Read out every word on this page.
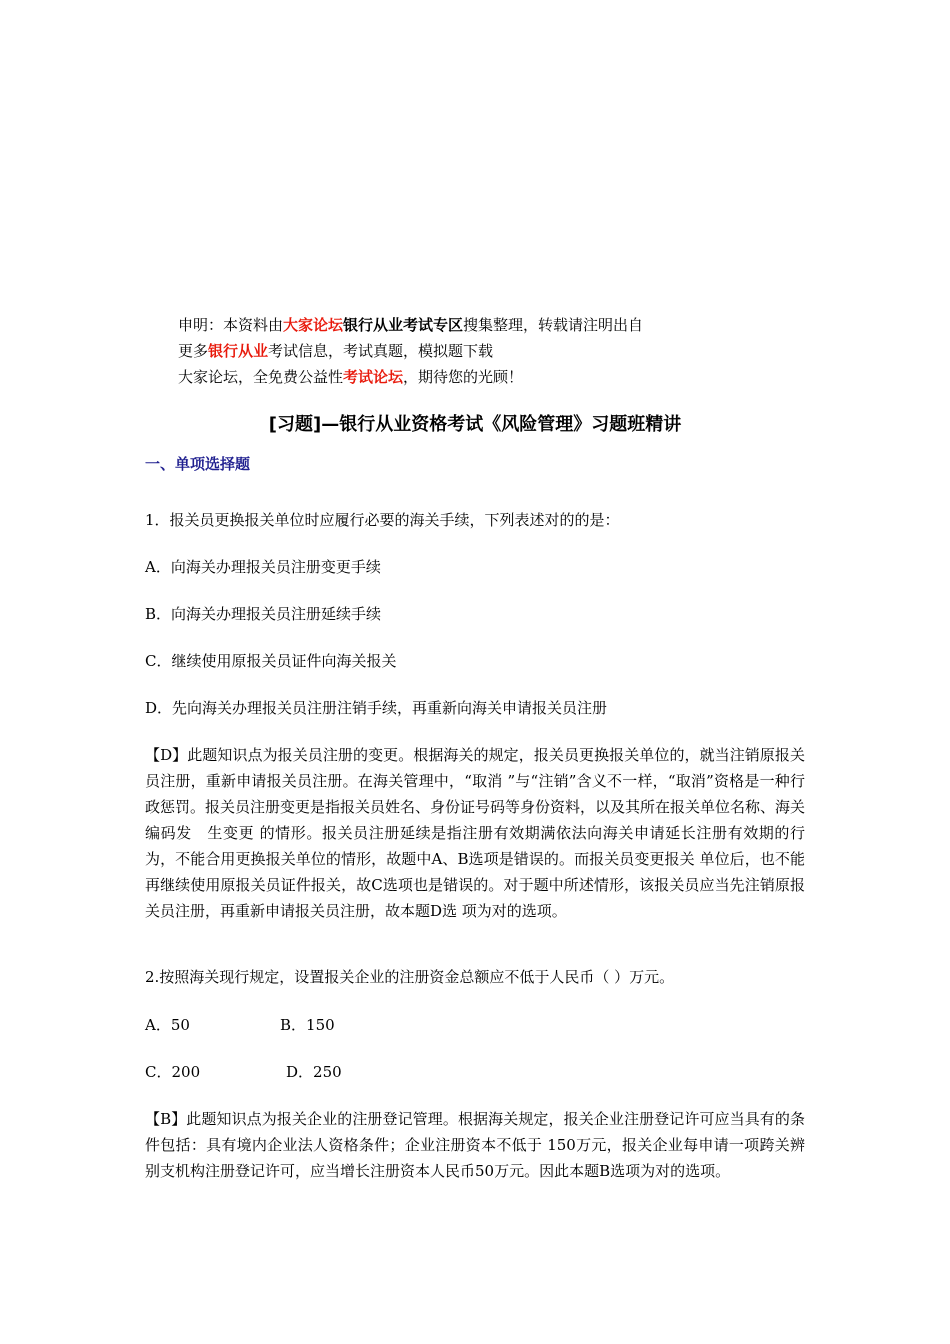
申明：本资料由大家论坛银行从业考试专区搜集整理，转载请注明出自
更多银行从业考试信息，考试真题，模拟题下载
大家论坛，全免费公益性考试论坛，期待您的光顾！
[习题]—银行从业资格考试《风险管理》习题班精讲
一、单项选择题
1．报关员更换报关单位时应履行必要的海关手续，下列表述对的的是：
A．向海关办理报关员注册变更手续
B．向海关办理报关员注册延续手续
C．继续使用原报关员证件向海关报关
D．先向海关办理报关员注册注销手续，再重新向海关申请报关员注册
【D】此题知识点为报关员注册的变更。根据海关的规定，报关员更换报关单位的，就当注销原报关员注册，重新申请报关员注册。在海关管理中，“取消 ”与“注销”含义不一样，“取消”资格是一种行政惩罚。报关员注册变更是指报关员姓名、身份证号码等身份资料，以及其所在报关单位名称、海关编码发　生变更 的情形。报关员注册延续是指注册有效期满依法向海关申请延长注册有效期的行为，不能合用更换报关单位的情形，故题中A、B选项是错误的。而报关员变更报关 单位后，也不能再继续使用原报关员证件报关，故C选项也是错误的。对于题中所述情形，该报关员应当先注销原报关员注册，再重新申请报关员注册，故本题D选 项为对的选项。
2.按照海关现行规定，设置报关企业的注册资金总额应不低于人民币（ ）万元。
A．50	B．150
C．200	D．250
【B】此题知识点为报关企业的注册登记管理。根据海关规定，报关企业注册登记许可应当具有的条件包括：具有境内企业法人资格条件；企业注册资本不低于 150万元，报关企业每申请一项跨关辨别支机构注册登记许可，应当增长注册资本人民币50万元。因此本题B选项为对的选项。
